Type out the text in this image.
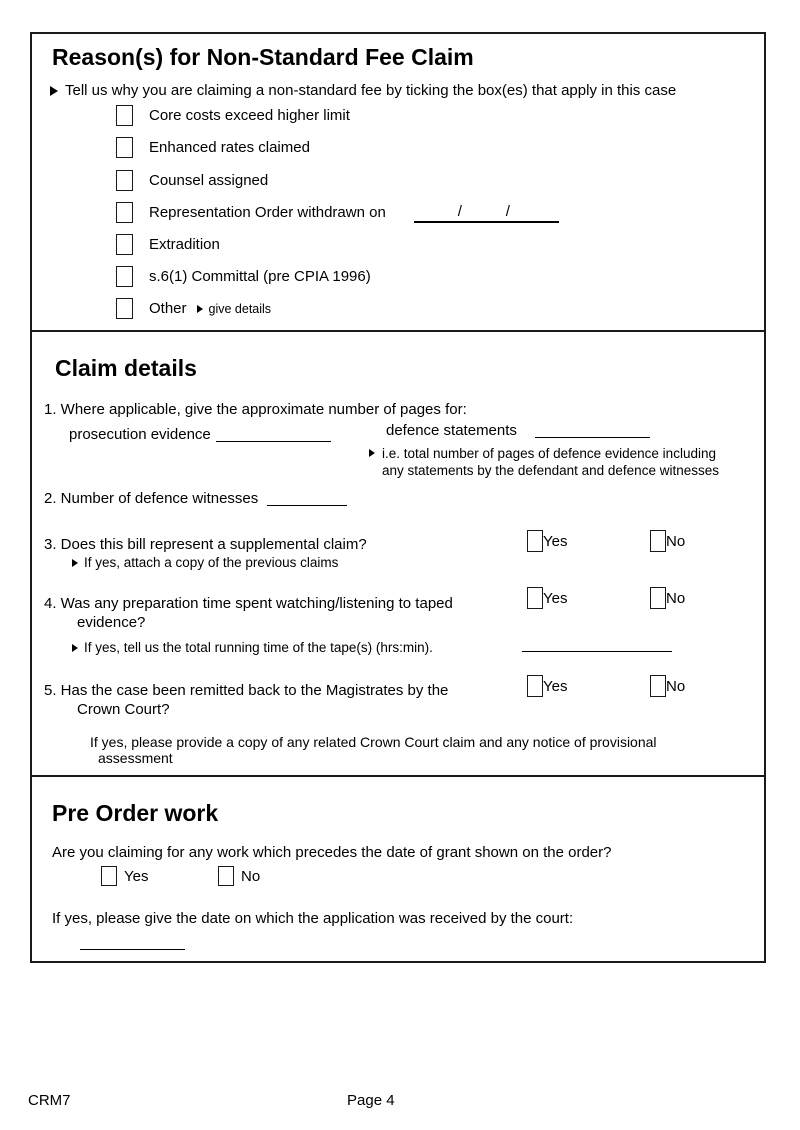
Reason(s) for Non-Standard Fee Claim
Tell us why you are claiming a non-standard fee by ticking the box(es) that apply in this case
Core costs exceed higher limit
Enhanced rates claimed
Counsel assigned
Representation Order withdrawn on	/	/
Extradition
s.6(1) Committal (pre CPIA 1996)
Other give details
Claim details
1. Where applicable, give the approximate number of pages for:
prosecution evidence	defence statements
i.e. total number of pages of defence evidence including
any statements by the defendant and defence witnesses
2. Number of defence witnesses
3. Does this bill represent a supplemental claim?	Yes	No
If yes, attach a copy of the previous claims
4. Was any preparation time spent watching/listening to taped
evidence?
Yes	No
If yes, tell us the total running time of the tape(s) (hrs:min).
5. Has the case been remitted back to the Magistrates by the
Crown Court?
Yes	No
If yes, please provide a copy of any related Crown Court claim and any notice of provisional
assessment
Pre Order work
Are you claiming for any work which precedes the date of grant shown on the order?
Yes	No
If yes, please give the date on which the application was received by the court:
CRM7	Page 4
